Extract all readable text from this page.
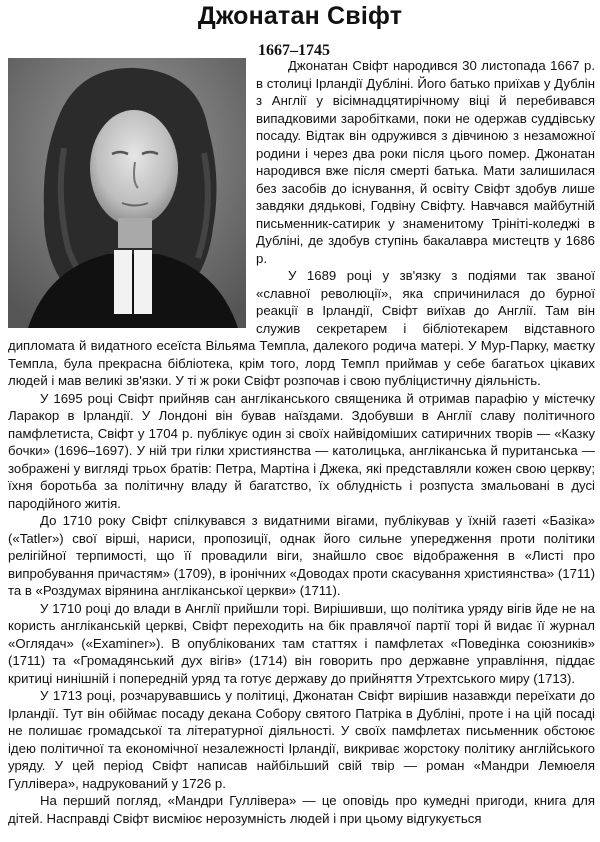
Джонатан Свіфт
1667–1745

Джонатан Свіфт народився 30 листопада 1667 р. в столиці Ірландії Дубліні. Його батько приїхав у Дублін з Англії у вісімнадцятирічному віці й перебивався випадковими заробітками, поки не одержав суддівську посаду. Відтак він одружився з дівчиною з незаможної родини і через два роки після цього помер. Джонатан народився вже після смерті батька. Мати залишилася без засобів до існування, й освіту Свіфт здобув лише завдяки дядькові, Годвіну Свіфту. Навчався майбутній письменник-сатирик у знаменитому Трініті-коледжі в Дубліні, де здобув ступінь бакалавра мистецтв у 1686 р.

У 1689 році у зв'язку з подіями так званої «славної революції», яка спричинилася до бурної реакції в Ірландії, Свіфт виїхав до Англії. Там він служив секретарем і бібліотекарем відставного дипломата й видатного есеїста Вільяма Темпла, далекого родича матері. У Мур-Парку, маєтку Темпла, була прекрасна бібліотека, крім того, лорд Темпл приймав у себе багатьох цікавих людей і мав великі зв'язки. У ті ж роки Свіфт розпочав і свою публіцистичну діяльність.

У 1695 році Свіфт прийняв сан англіканського священика й отримав парафію у містечку Ларакор в Ірландії. У Лондоні він бував наїздами. Здобувши в Англії славу політичного памфлетиста, Свіфт у 1704 р. публікує один зі своїх найвідоміших сатиричних творів — «Казку бочки» (1696–1697). У ній три гілки християнства — католицька, англіканська й пуританська — зображені у вигляді трьох братів: Петра, Мартіна і Джека, які представляли кожен свою церкву; їхня боротьба за політичну владу й багатство, їх облудність і розпуста змальовані в дусі пародійного житія.

До 1710 року Свіфт спілкувався з видатними вігами, публікував у їхній газеті «Базіка» («Tatler») свої вірші, нариси, пропозиції, однак його сильне упередження проти політики релігійної терпимості, що її провадили віги, знайшло своє відображення в «Листі про випробування причастям» (1709), в іронічних «Доводах проти скасування християнства» (1711) та в «Роздумах вірянина англіканської церкви» (1711).

У 1710 році до влади в Англії прийшли торі. Вирішивши, що політика уряду вігів йде не на користь англіканській церкві, Свіфт переходить на бік правлячої партії торі й видає її журнал «Оглядач» («Examiner»). В опублікованих там статтях і памфлетах «Поведінка союзників» (1711) та «Громадянський дух вігів» (1714) він говорить про державне управління, піддає критиці нинішній і попередній уряд та готує державу до прийняття Утрехтського миру (1713).

У 1713 році, розчарувавшись у політиці, Джонатан Свіфт вирішив назавжди переїхати до Ірландії. Тут він обіймає посаду декана Собору святого Патріка в Дубліні, проте і на цій посаді не полишає громадської та літературної діяльності. У своїх памфлетах письменник обстоює ідею політичної та економічної незалежності Ірландії, викриває жорстоку політику англійського уряду. У цей період Свіфт написав найбільший свій твір — роман «Мандри Лемюеля Гуллівера», надрукований у 1726 р.

На перший погляд, «Мандри Гуллівера» — це оповідь про кумедні пригоди, книга для дітей. Насправді Свіфт висміює нерозумність людей і при цьому відгукується
